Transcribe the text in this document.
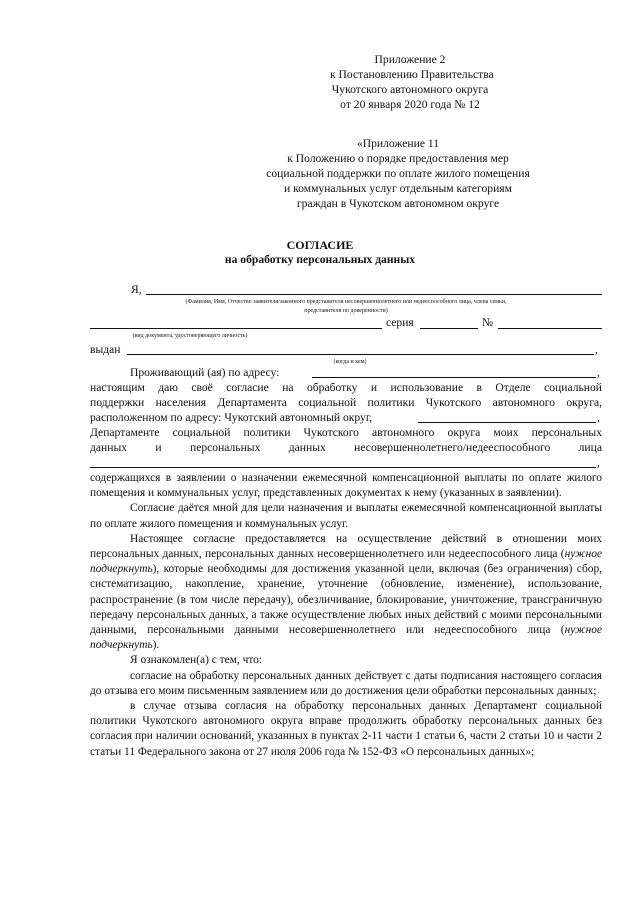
Приложение 2
к Постановлению Правительства
Чукотского автономного округа
от 20 января 2020 года № 12
«Приложение 11
к Положению о порядке предоставления мер
социальной поддержки по оплате жилого помещения
и коммунальных услуг отдельным категориям
граждан в Чукотском автономном округе
СОГЛАСИЕ
на обработку персональных данных
Я,
(Фамилия, Имя, Отчество заявителя/законного представителя несовершеннолетнего или недееспособного лица, члена семьи,
представителя по доверенности)
серия	№
(вид документа, удостоверяющего личность)
выдан	,
(когда и кем)
Проживающий (ая) по адресу:	,
настоящим даю своё согласие на обработку и использование в Отделе социальной
поддержки населения Департамента социальной политики Чукотского автономного округа,
расположенном по адресу: Чукотский автономный округ,	,
Департаменте социальной политики Чукотского автономного округа моих персональных
данных и персональных данных несовершеннолетнего/недееспособного лица
,

содержащихся в заявлении о назначении ежемесячной компенсационной выплаты по оплате жилого помещения и коммунальных услуг, представленных документах к нему (указанных в заявлении).

Согласие даётся мной для цели назначения и выплаты ежемесячной компенсационной выплаты по оплате жилого помещения и коммунальных услуг.

Настоящее согласие предоставляется на осуществление действий в отношении моих персональных данных, персональных данных несовершеннолетнего или недееспособного лица (нужное подчеркнуть), которые необходимы для достижения указанной цели, включая (без ограничения) сбор, систематизацию, накопление, хранение, уточнение (обновление, изменение), использование, распространение (в том числе передачу), обезличивание, блокирование, уничтожение, трансграничную передачу персональных данных, а также осуществление любых иных действий с моими персональными данными, персональными данными несовершеннолетнего или недееспособного лица (нужное подчеркнуть).

Я ознакомлен(а) с тем, что:

согласие на обработку персональных данных действует с даты подписания настоящего согласия до отзыва его моим письменным заявлением или до достижения цели обработки персональных данных;

в случае отзыва согласия на обработку персональных данных Департамент социальной политики Чукотского автономного округа вправе продолжить обработку персональных данных без согласия при наличии оснований, указанных в пунктах 2-11 части 1 статьи 6, части 2 статьи 10 и части 2 статьи 11 Федерального закона от 27 июля 2006 года № 152-ФЗ «О персональных данных»;
